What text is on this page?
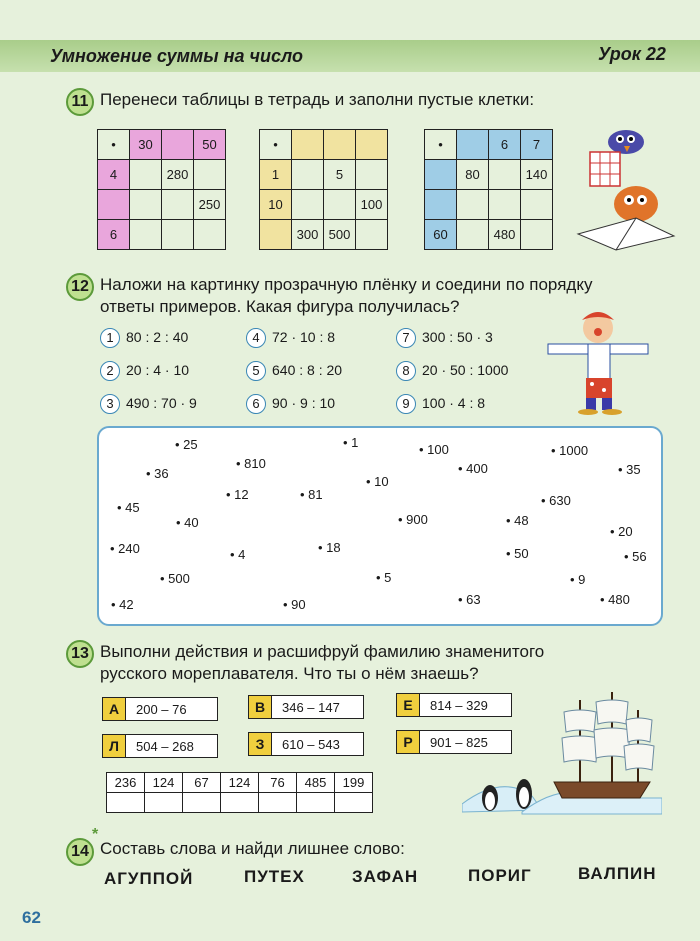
Умножение суммы на число	Урок 22
11 Перенеси таблицы в тетрадь и заполни пустые клетки:
•	30		50
4		280	
			250
6			
•			
1		5	
10			100
	300	500	
•		6	7
	80		140

60		480	
12 Наложи на картинку прозрачную плёнку и соедини по порядку
ответы примеров. Какая фигура получилась?
1 80 : 2 : 40
2 20 : 4 · 10
3 490 : 70 · 9
4 72 · 10 : 8
5 640 : 8 : 20
6 90 · 9 : 10
7 300 : 50 · 3
8 20 · 50 : 1000
9 100 · 4 : 8
• 25
• 810
• 1	• 100	• 1000
• 36	• 400	• 35
• 10
• 45
• 12	• 81	• 630
• 40	• 900	• 48
• 20
• 240	• 4	• 18	• 50	• 56
• 500	• 5	• 9
• 42	• 90	• 63	• 480
13 Выполни действия и расшифруй фамилию знаменитого
русского мореплавателя. Что ты о нём знаешь?
А 200 – 76	В 346 – 147	Е 814 – 329
Л 504 – 268	З 610 – 543	Р 901 – 825
236	124	67	124	76	485	199

14
*
Составь слова и найди лишнее слово:
АГУППОЙ	ПУТЕХ	ЗАФАН	ПОРИГ	ВАЛПИН
62
